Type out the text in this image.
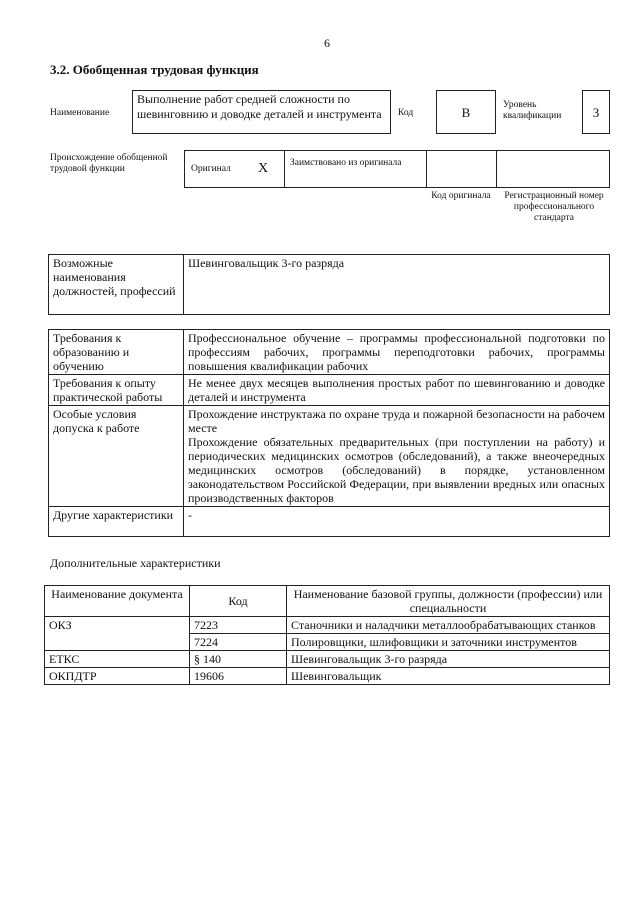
6
3.2. Обобщенная трудовая функция
Наименование
Выполнение работ средней сложности по шевинговнию и доводке деталей и инструмента	Код	B	Уровень квалификации	3
Происхождение обобщенной трудовой функции	Оригинал X Заимствовано из оригинала
Код оригинала	Регистрационный номер профессионального стандарта
Возможные наименования должностей, профессий	Шевинговальщик 3-го разряда
Требования к образованию и обучению	Профессиональное обучение – программы профессиональной подготовки по профессиям рабочих, программы переподготовки рабочих, программы повышения квалификации рабочих
Требования к опыту практической работы	Не менее двух месяцев выполнения простых работ по шевингованию и доводке деталей и инструмента
Особые условия допуска к работе	Прохождение инструктажа по охране труда и пожарной безопасности на рабочем месте
Прохождение обязательных предварительных (при поступлении на работу) и периодических медицинских осмотров (обследований), а также внеочередных медицинских осмотров (обследований) в порядке, установленном законодательством Российской Федерации, при выявлении вредных или опасных производственных факторов

Другие характеристики	-
Дополнительные характеристики
Наименование документа	Код	Наименование базовой группы, должности (профессии) или специальности
ОКЗ	7223	Станочники и наладчики металлообрабатывающих станков
	7224	Полировщики, шлифовщики и заточники инструментов
ЕТКС	§ 140	Шевинговальщик 3-го разряда
ОКПДТР	19606	Шевинговальщик
